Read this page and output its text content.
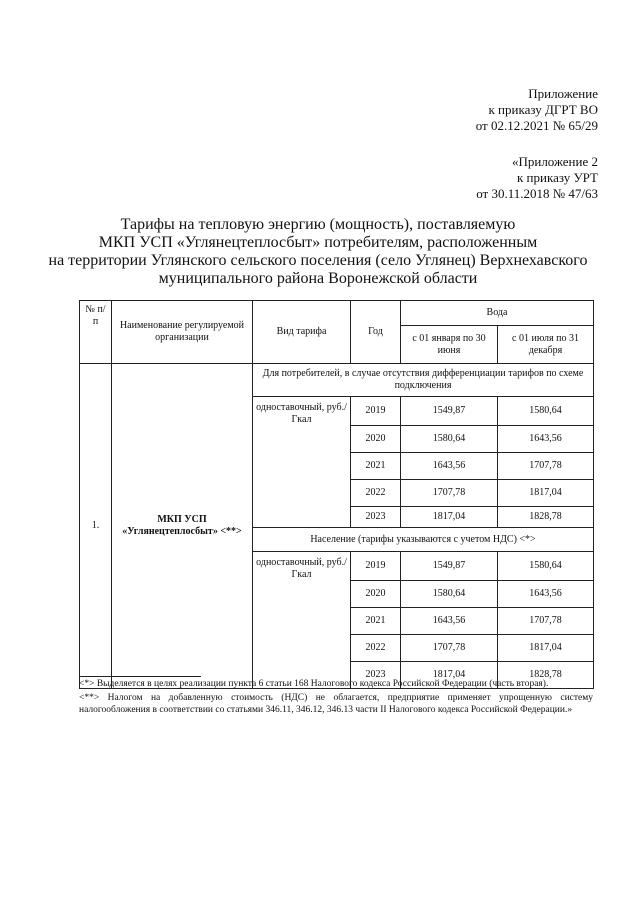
Приложение
к приказу ДГРТ ВО
от 02.12.2021 № 65/29
«Приложение 2
к приказу УРТ
от 30.11.2018 № 47/63
Тарифы на тепловую энергию (мощность), поставляемую
МКП УСП «Углянецтеплосбыт» потребителям, расположенным
на территории Углянского сельского поселения (село Углянец) Верхнехавского
муниципального района Воронежской области
№ п/п	Наименование регулируемой организации	Вид тарифа	Год	Вода	
				с 01 января по 30 июня	с 01 июля по 31 декабря
1.	МКП УСП «Углянецтеплосбыт» <**>	Для потребителей, в случае отсутствия дифференциации тарифов по схеме подключения			
		одноставочный, руб./Гкал	2019	1549,87	1580,64
			2020	1580,64	1643,56
			2021	1643,56	1707,78
			2022	1707,78	1817,04
			2023	1817,04	1828,78
		Население (тарифы указываются с учетом НДС) <*>			
		одноставочный, руб./Гкал	2019	1549,87	1580,64
			2020	1580,64	1643,56
			2021	1643,56	1707,78
			2022	1707,78	1817,04
			2023	1817,04	1828,78

<*> Выделяется в целях реализации пункта 6 статьи 168 Налогового кодекса Российской Федерации (часть вторая).

<**> Налогом на добавленную стоимость (НДС) не облагается, предприятие применяет упрощенную систему налогообложения в соответствии со статьями 346.11, 346.12, 346.13 части II Налогового кодекса Российской Федерации.»
